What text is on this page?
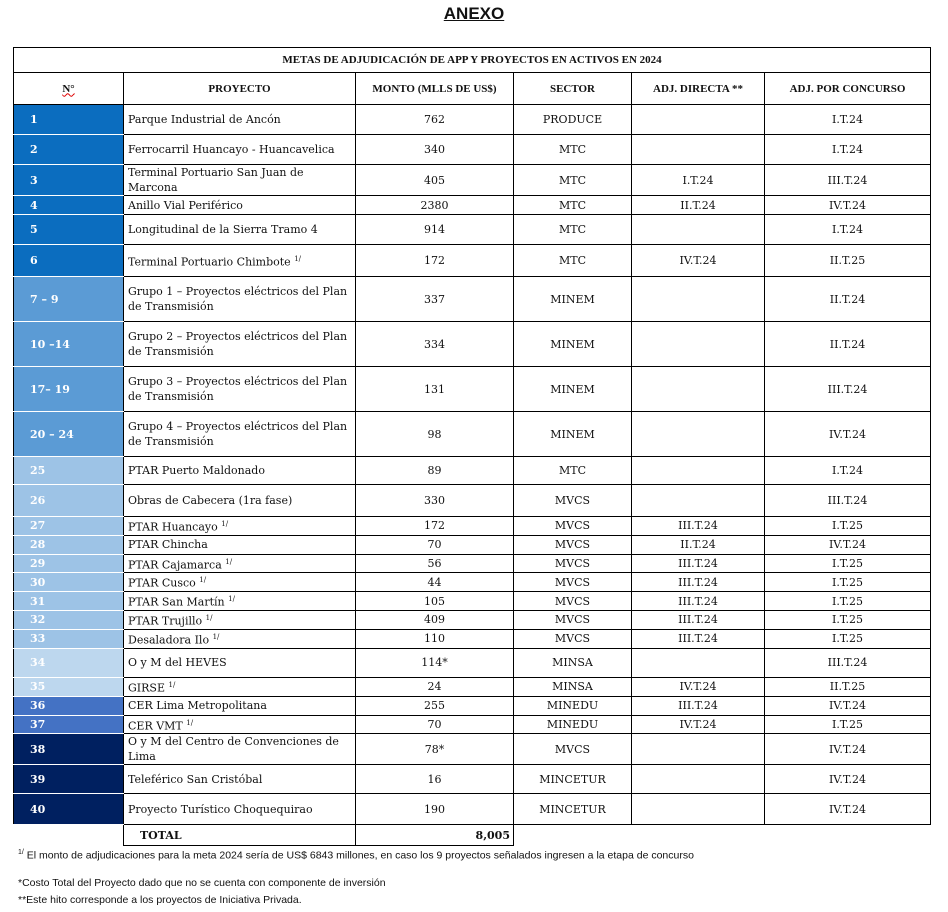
ANEXO
METAS DE ADJUDICACIÓN DE APP Y PROYECTOS EN ACTIVOS EN 2024					
N°	PROYECTO	MONTO (MLLS DE US$)	SECTOR	ADJ. DIRECTA **	ADJ. POR CONCURSO
1	Parque Industrial de Ancón	762	PRODUCE		I.T.24
2	Ferrocarril Huancayo - Huancavelica	340	MTC		I.T.24
3	Terminal Portuario San Juan de Marcona	405	MTC	I.T.24	III.T.24
4	Anillo Vial Periférico	2380	MTC	II.T.24	IV.T.24
5	Longitudinal de la Sierra Tramo 4	914	MTC		I.T.24
6	Terminal Portuario Chimbote $^{1/}$	172	MTC	IV.T.24	II.T.25
7 – 9	Grupo 1 – Proyectos eléctricos del Plan de Transmisión	337	MINEM		II.T.24
10 –14	Grupo 2 – Proyectos eléctricos del Plan de Transmisión	334	MINEM		II.T.24
17– 19	Grupo 3 – Proyectos eléctricos del Plan de Transmisión	131	MINEM		III.T.24
20 – 24	Grupo 4 – Proyectos eléctricos del Plan de Transmisión	98	MINEM		IV.T.24
25	PTAR Puerto Maldonado	89	MTC		I.T.24
26	Obras de Cabecera (1ra fase)	330	MVCS		III.T.24
27	PTAR Huancayo $^{1/}$	172	MVCS	III.T.24	I.T.25
28	PTAR Chincha	70	MVCS	II.T.24	IV.T.24
29	PTAR Cajamarca $^{1/}$	56	MVCS	III.T.24	I.T.25
30	PTAR Cusco $^{1/}$	44	MVCS	III.T.24	I.T.25
31	PTAR San Martín $^{1/}$	105	MVCS	III.T.24	I.T.25
32	PTAR Trujillo $^{1/}$	409	MVCS	III.T.24	I.T.25
33	Desaladora Ilo $^{1/}$	110	MVCS	III.T.24	I.T.25
34	O y M del HEVES	114*	MINSA		III.T.24
35	GIRSE $^{1/}$	24	MINSA	IV.T.24	II.T.25
36	CER Lima Metropolitana	255	MINEDU	III.T.24	IV.T.24
37	CER VMT $^{1/}$	70	MINEDU	IV.T.24	I.T.25
38	O y M del Centro de Convenciones de Lima	78*	MVCS		IV.T.24
39	Teleférico San Cristóbal	16	MINCETUR		IV.T.24
40	Proyecto Turístico Choquequirao	190	MINCETUR		IV.T.24
	TOTAL	8,005			
$^{1/}$ El monto de adjudicaciones para la meta 2024 sería de US$ 6843 millones, en caso los 9 proyectos señalados ingresen a la etapa de concurso
*Costo Total del Proyecto dado que no se cuenta con componente de inversión
**Este hito corresponde a los proyectos de Iniciativa Privada.
